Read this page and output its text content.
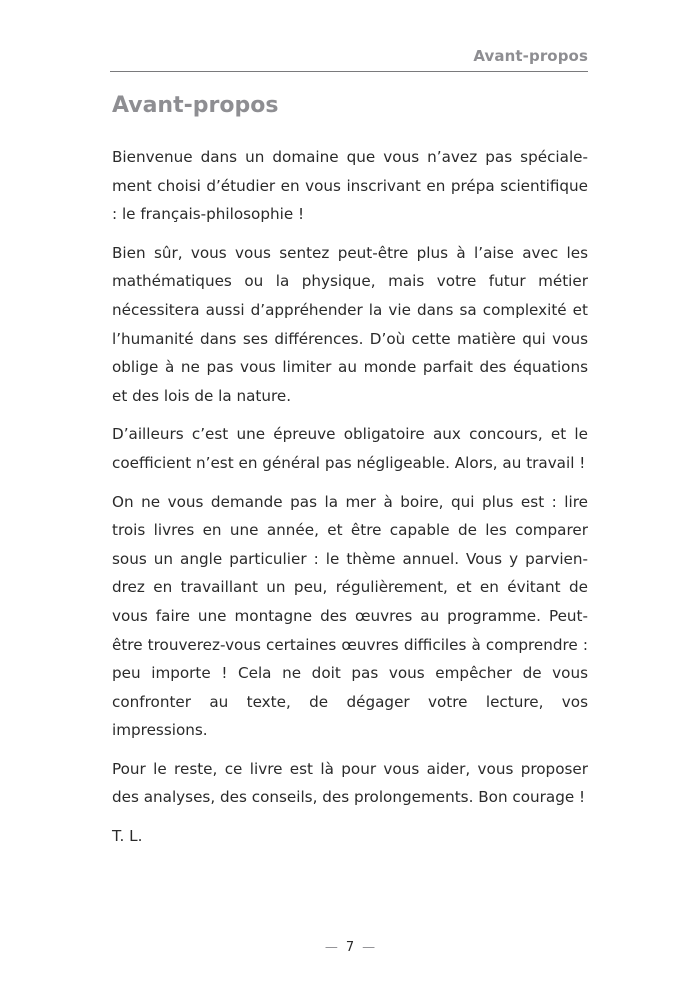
Avant-propos
Avant-propos

Bienvenue dans un domaine que vous n’avez pas spécialement choisi d’étudier en vous inscrivant en prépa scientifique : le français-philosophie !

Bien sûr, vous vous sentez peut-être plus à l’aise avec les mathématiques ou la physique, mais votre futur métier nécessitera aussi d’appréhender la vie dans sa complexité et l’humanité dans ses différences. D’où cette matière qui vous oblige à ne pas vous limiter au monde parfait des équations et des lois de la nature.

D’ailleurs c’est une épreuve obligatoire aux concours, et le coefficient n’est en général pas négligeable. Alors, au travail !

On ne vous demande pas la mer à boire, qui plus est : lire trois livres en une année, et être capable de les comparer sous un angle particulier : le thème annuel. Vous y parviendrez en travaillant un peu, régulièrement, et en évitant de vous faire une montagne des œuvres au programme. Peut-être trouverez-vous certaines œuvres difficiles à comprendre : peu importe ! Cela ne doit pas vous empêcher de vous confronter au texte, de dégager votre lecture, vos impressions.

Pour le reste, ce livre est là pour vous aider, vous proposer des analyses, des conseils, des prolongements. Bon courage !

T. L.

— 7 —
